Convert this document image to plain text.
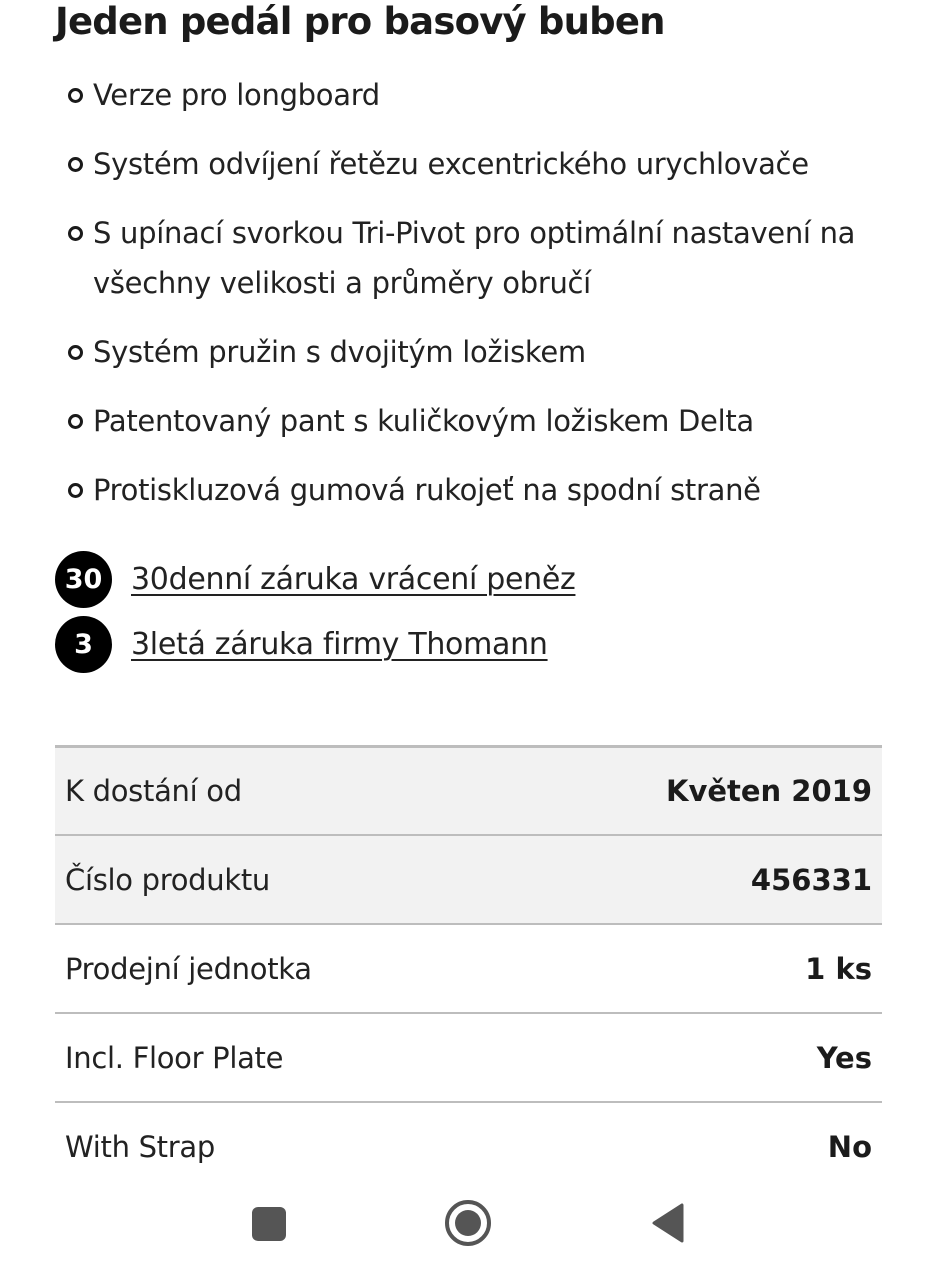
Jeden pedál pro basový buben
Verze pro longboard
Systém odvíjení řetězu excentrického urychlovače
S upínací svorkou Tri-Pivot pro optimální nastavení na všechny velikosti a průměry obručí
Systém pružin s dvojitým ložiskem
Patentovaný pant s kuličkovým ložiskem Delta
Protiskluzová gumová rukojeť na spodní straně
30 30denní záruka vrácení peněz
3	3letá záruka firmy Thomann
K dostání od	Květen 2019
Číslo produktu	456331
Prodejní jednotka	1 ks
Incl. Floor Plate	Yes
With Strap	No
